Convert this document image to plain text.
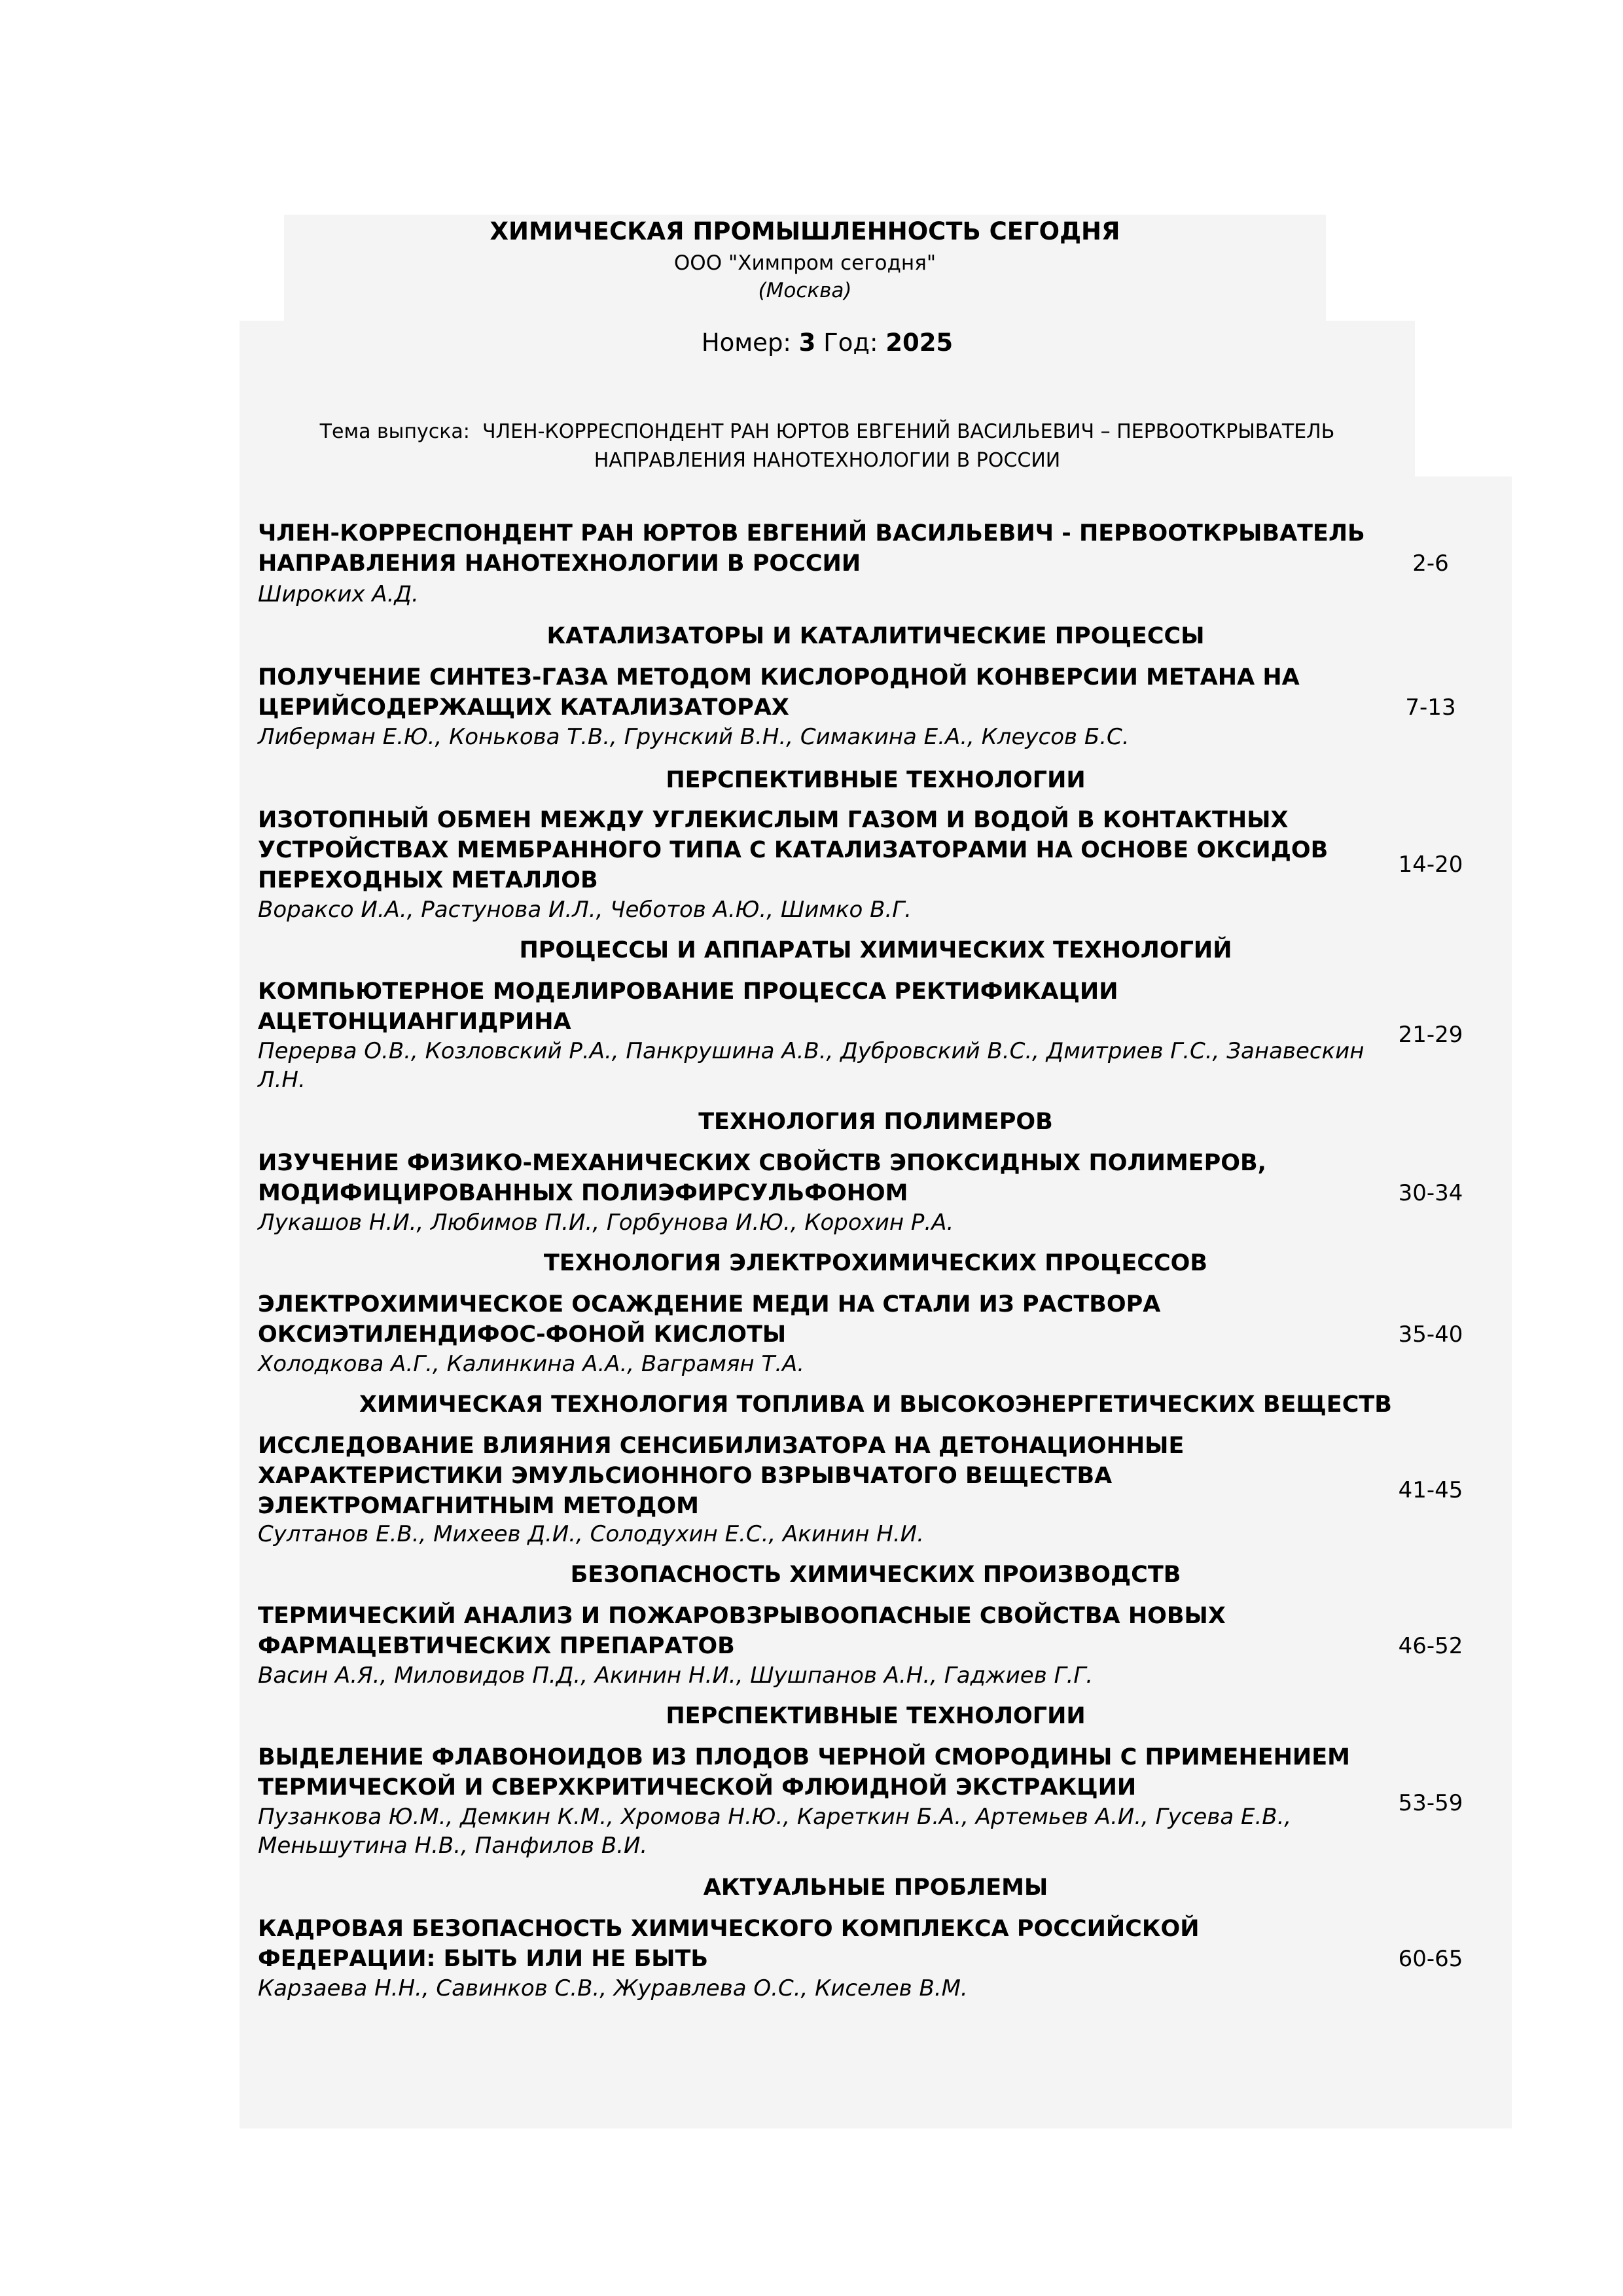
ХИМИЧЕСКАЯ ПРОМЫШЛЕННОСТЬ СЕГОДНЯ
ООО "Химпром сегодня"
(Москва)
Номер: 3 Год: 2025
Тема выпуска: ЧЛЕН-КОРРЕСПОНДЕНТ РАН ЮРТОВ ЕВГЕНИЙ ВАСИЛЬЕВИЧ – ПЕРВООТКРЫВАТЕЛЬ НАПРАВЛЕНИЯ НАНОТЕХНОЛОГИИ В РОССИИ
ЧЛЕН-КОРРЕСПОНДЕНТ РАН ЮРТОВ ЕВГЕНИЙ ВАСИЛЬЕВИЧ - ПЕРВООТКРЫВАТЕЛЬ НАПРАВЛЕНИЯ НАНОТЕХНОЛОГИИ В РОССИИ
Широких А.Д.
2-6
КАТАЛИЗАТОРЫ И КАТАЛИТИЧЕСКИЕ ПРОЦЕССЫ
ПОЛУЧЕНИЕ СИНТЕЗ-ГАЗА МЕТОДОМ КИСЛОРОДНОЙ КОНВЕРСИИ МЕТАНА НА ЦЕРИЙСОДЕРЖАЩИХ КАТАЛИЗАТОРАХ
Либерман Е.Ю., Конькова Т.В., Грунский В.Н., Симакина Е.А., Клеусов Б.С.
7-13
ПЕРСПЕКТИВНЫЕ ТЕХНОЛОГИИ
ИЗОТОПНЫЙ ОБМЕН МЕЖДУ УГЛЕКИСЛЫМ ГАЗОМ И ВОДОЙ В КОНТАКТНЫХ УСТРОЙСТВАХ МЕМБРАННОГО ТИПА С КАТАЛИЗАТОРАМИ НА ОСНОВЕ ОКСИДОВ ПЕРЕХОДНЫХ МЕТАЛЛОВ
Воракс​о И.А., Растунова И.Л., Чеботов А.Ю., Шимко В.Г.
14-20
ПРОЦЕССЫ И АППАРАТЫ ХИМИЧЕСКИХ ТЕХНОЛОГИЙ
КОМПЬЮТЕРНОЕ МОДЕЛИРОВАНИЕ ПРОЦЕССА РЕКТИФИКАЦИИ АЦЕТОНЦИАНГИДРИНА
Перерва О.В., Козловский Р.А., Панкрушина А.В., Дубровский В.С., Дмитриев Г.С., Занавескин Л.Н.
21-29
ТЕХНОЛОГИЯ ПОЛИМЕРОВ
ИЗУЧЕНИЕ ФИЗИКО-МЕХАНИЧЕСКИХ СВОЙСТВ ЭПОКСИДНЫХ ПОЛИМЕРОВ, МОДИФИЦИРОВАННЫХ ПОЛИЭФИРСУЛЬФОНОМ
Лукашов Н.И., Любимов П.И., Горбунова И.Ю., Корохин Р.А.
30-34
ТЕХНОЛОГИЯ ЭЛЕКТРОХИМИЧЕСКИХ ПРОЦЕССОВ
ЭЛЕКТРОХИМИЧЕСКОЕ ОСАЖДЕНИЕ МЕДИ НА СТАЛИ ИЗ РАСТВОРА ОКСИЭТИЛЕНДИФОС-ФОНОЙ КИСЛОТЫ
Холодкова А.Г., Калинкина А.А., Ваграмян Т.А.
35-40
ХИМИЧЕСКАЯ ТЕХНОЛОГИЯ ТОПЛИВА И ВЫСОКОЭНЕРГЕТИЧЕСКИХ ВЕЩЕСТВ
ИССЛЕДОВАНИЕ ВЛИЯНИЯ СЕНСИБИЛИЗАТОРА НА ДЕТОНАЦИОННЫЕ ХАРАКТЕРИСТИКИ ЭМУЛЬСИОННОГО ВЗРЫВЧАТОГО ВЕЩЕСТВА ЭЛЕКТРОМАГНИТНЫМ МЕТОДОМ
Султанов Е.В., Михеев Д.И., Солодухин Е.С., Акинин Н.И.
41-45
БЕЗОПАСНОСТЬ ХИМИЧЕСКИХ ПРОИЗВОДСТВ
ТЕРМИЧЕСКИЙ АНАЛИЗ И ПОЖАРОВЗРЫВООПАСНЫЕ СВОЙСТВА НОВЫХ ФАРМАЦЕВТИЧЕСКИХ ПРЕПАРАТОВ
Васин А.Я., Миловидов П.Д., Акинин Н.И., Шушпанов А.Н., Гаджиев Г.Г.
46-52
ПЕРСПЕКТИВНЫЕ ТЕХНОЛОГИИ
ВЫДЕЛЕНИЕ ФЛАВОНОИДОВ ИЗ ПЛОДОВ ЧЕРНОЙ СМОРОДИНЫ С ПРИМЕНЕНИЕМ ТЕРМИЧЕСКОЙ И СВЕРХКРИТИЧЕСКОЙ ФЛЮИДНОЙ ЭКСТРАКЦИИ
Пузанкова Ю.М., Демкин К.М., Хромова Н.Ю., Кареткин Б.А., Артемьев А.И., Гусева Е.В., Меньшутина Н.В., Панфилов В.И.
53-59
АКТУАЛЬНЫЕ ПРОБЛЕМЫ
КАДРОВАЯ БЕЗОПАСНОСТЬ ХИМИЧЕСКОГО КОМПЛЕКСА РОССИЙСКОЙ ФЕДЕРАЦИИ: БЫТЬ ИЛИ НЕ БЫТЬ
Карзаева Н.Н., Савинков С.В., Журавлева О.С., Киселев В.М.
60-65
